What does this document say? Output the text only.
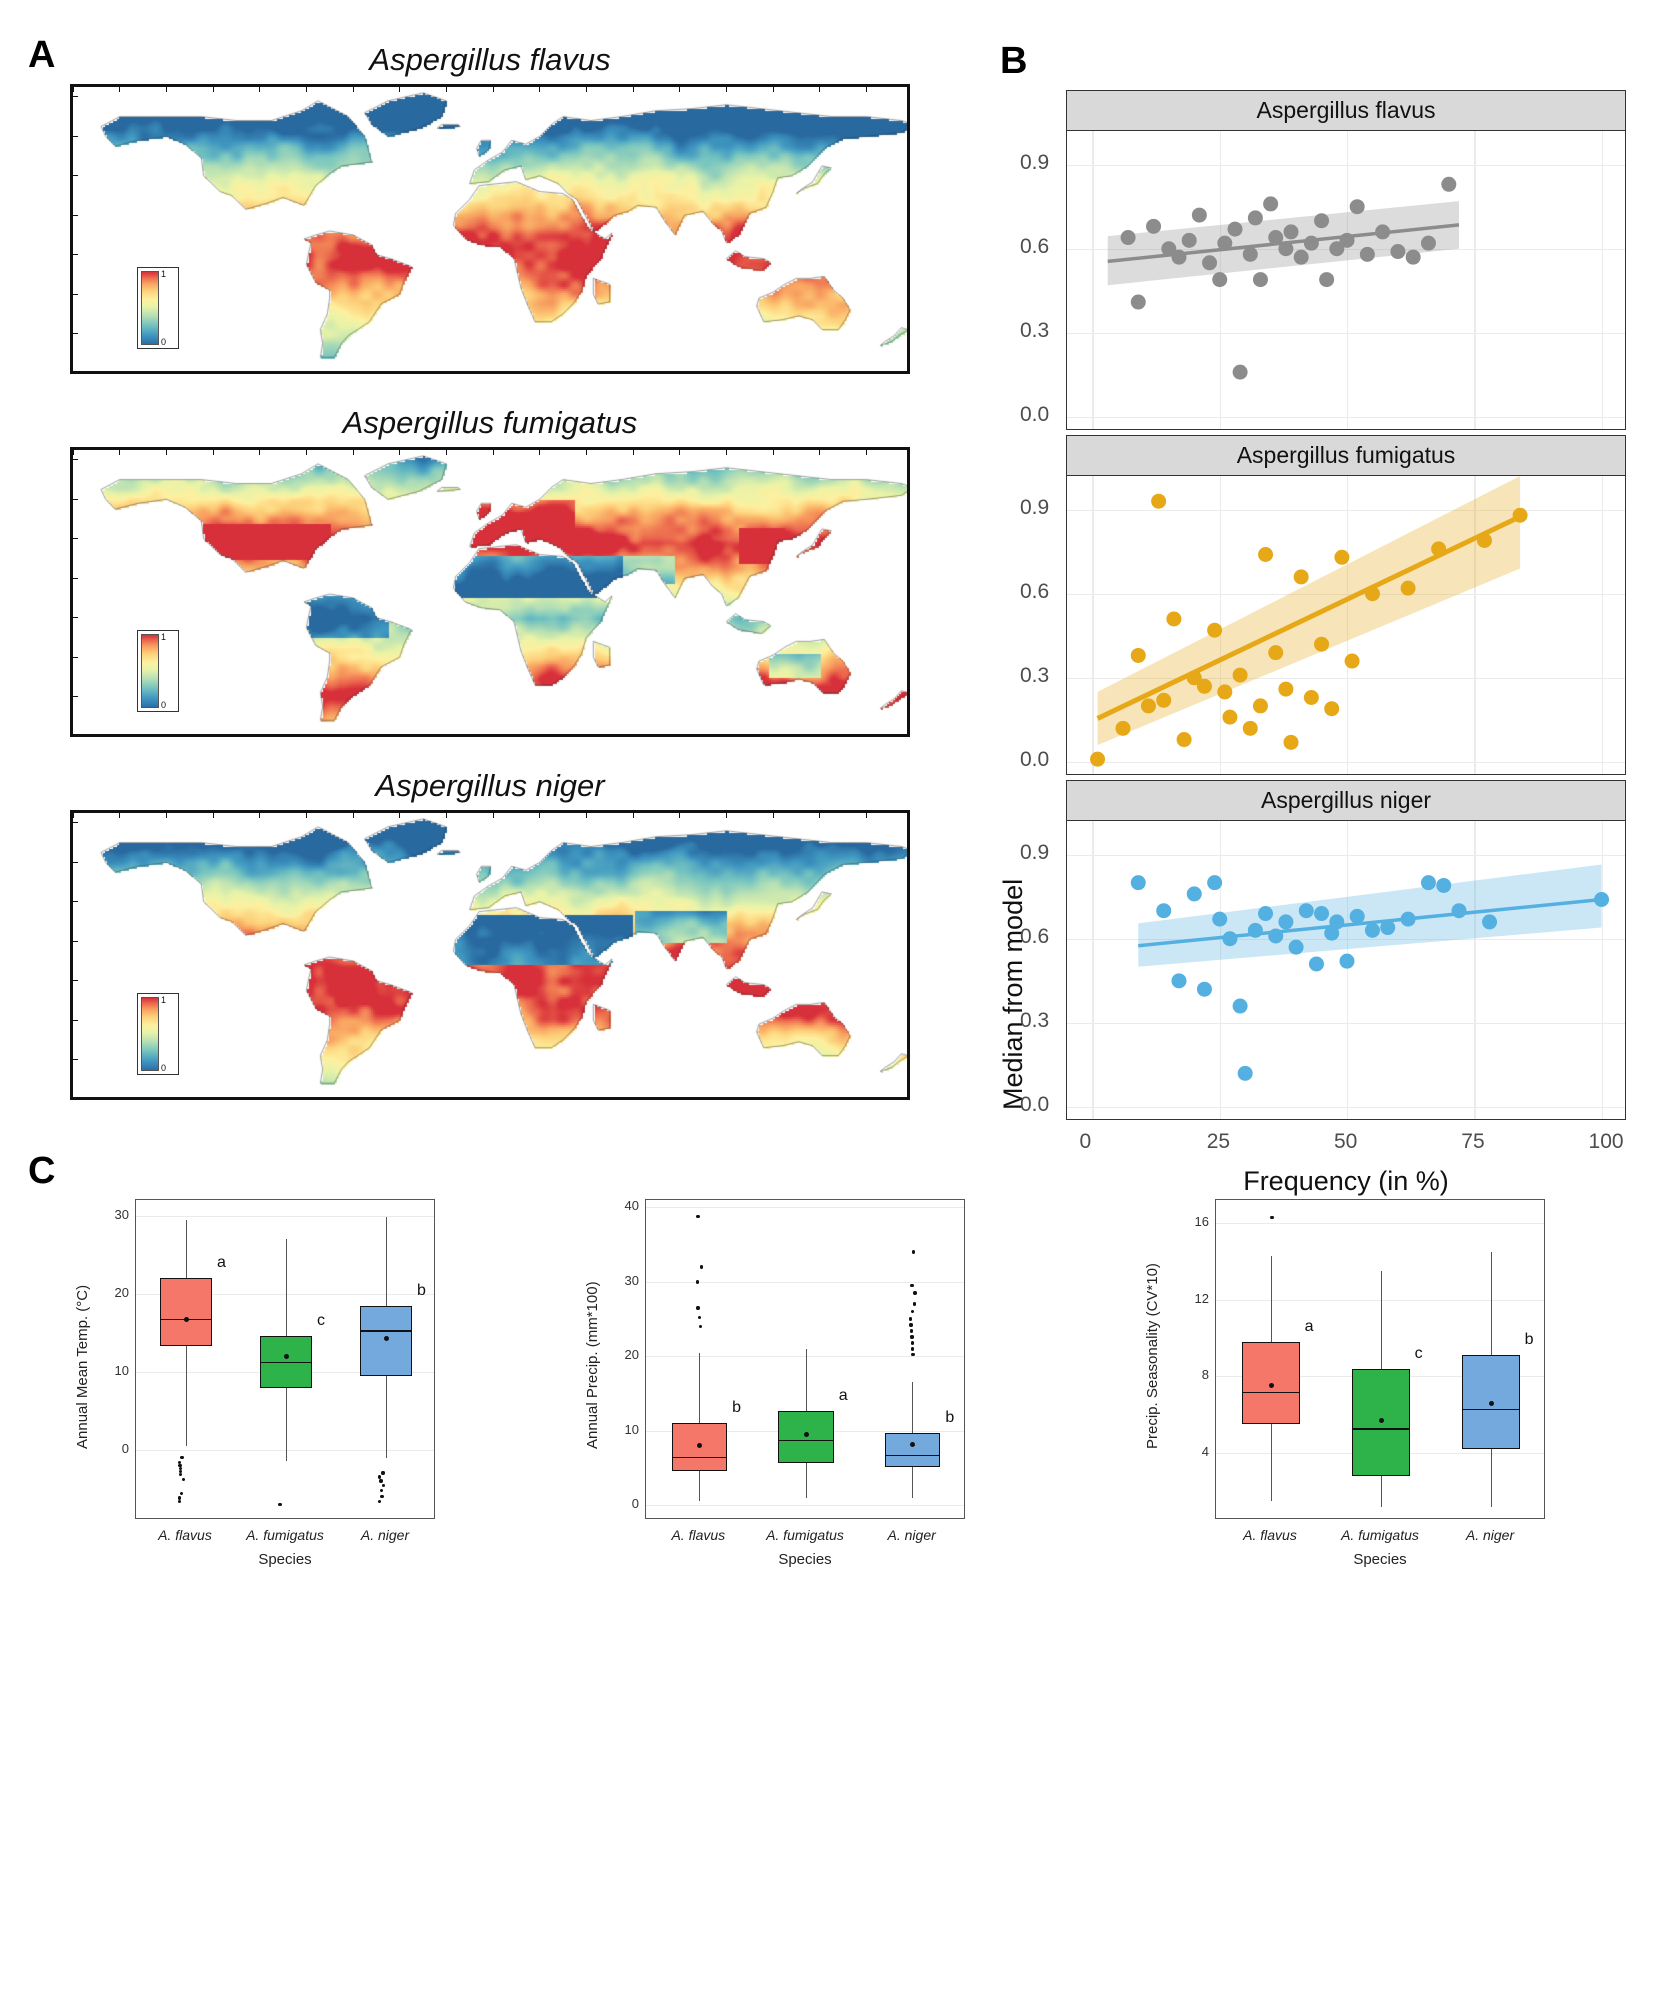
A	Aspergillus flavus
1
0
Aspergillus fumigatus
1
0
Aspergillus niger
1
0
B
Median from model
Frequency (in %)
Aspergillus flavus
0.0
0.3
0.6
0.9
Aspergillus fumigatus
0.0
0.3
0.6
0.9
Aspergillus niger
0.0
0.3
0.6
0.9
0	25	50	75	100
C
a
c
b
0
10
20
30
A. flavus	A. fumigatus	A. niger
Species
Annual Mean Temp. (°C)	b
a
b
0
10
20
30
40
A. flavus	A. fumigatus	A. niger
Species
Annual Precip. (mm*100)	a
c
b
4
8
12
16
A. flavus	A. fumigatus	A. niger
Species
Precip. Seasonality (CV*10)
